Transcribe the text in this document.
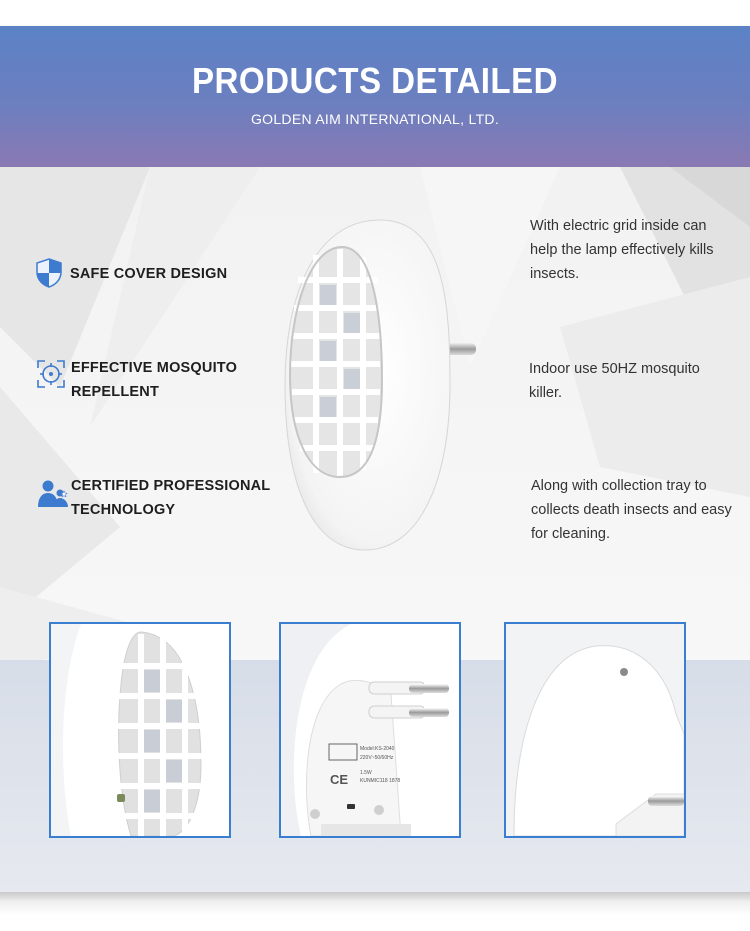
PRODUCTS DETAILED
GOLDEN AIM INTERNATIONAL, LTD.
SAFE COVER DESIGN
EFFECTIVE MOSQUITO
REPELLENT
CERTIFIED PROFESSIONAL
TECHNOLOGY
With electric grid inside can
help the lamp effectively kills
insects.
Indoor use 50HZ mosquito
killer.
Along with collection tray to
collects death insects and easy
for cleaning.
Model:KS-2040
220V~50/60Hz
CE 1.5W
KUNMIC118 1878
